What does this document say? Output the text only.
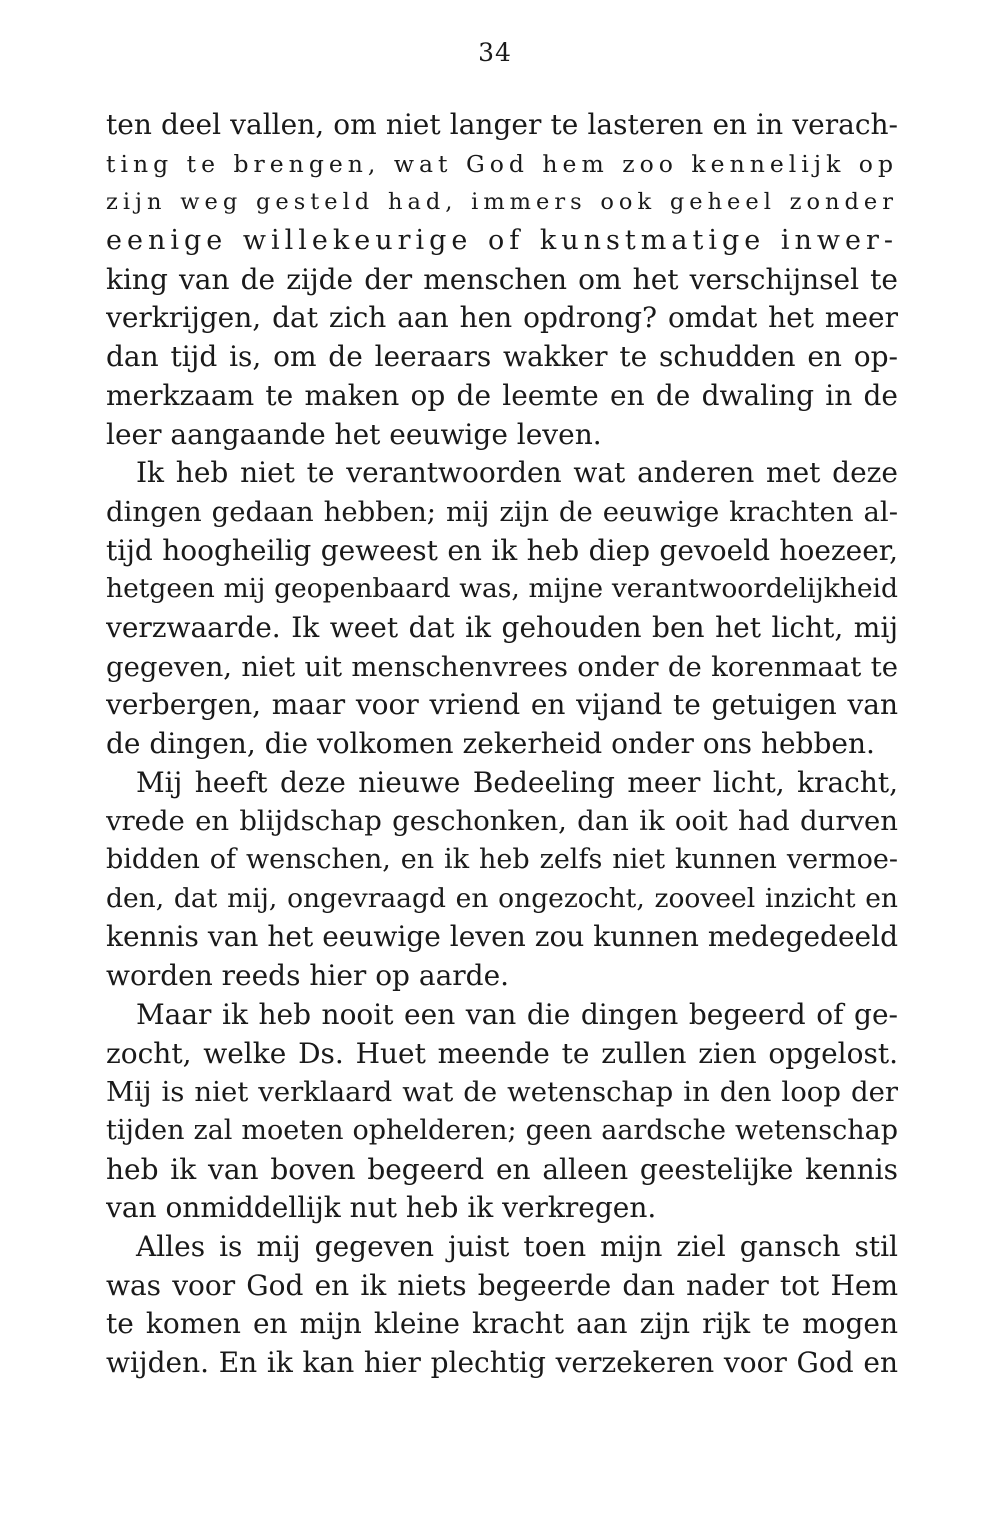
34
ten deel vallen, om niet langer te lasteren en in verach-
ting te brengen, wat God hem zoo kennelijk op
zijn weg gesteld had, immers ook geheel zonder
eenige willekeurige of kunstmatige inwer-
king van de zijde der menschen om het verschijnsel te
verkrijgen, dat zich aan hen opdrong? omdat het meer
dan tijd is, om de leeraars wakker te schudden en op-
merkzaam te maken op de leemte en de dwaling in de
leer aangaande het eeuwige leven.
Ik heb niet te verantwoorden wat anderen met deze
dingen gedaan hebben; mij zijn de eeuwige krachten al-
tijd hoogheilig geweest en ik heb diep gevoeld hoezeer,
hetgeen mij geopenbaard was, mijne verantwoordelijkheid
verzwaarde. Ik weet dat ik gehouden ben het licht, mij
gegeven, niet uit menschenvrees onder de korenmaat te
verbergen, maar voor vriend en vijand te getuigen van
de dingen, die volkomen zekerheid onder ons hebben.
Mij heeft deze nieuwe Bedeeling meer licht, kracht,
vrede en blijdschap geschonken, dan ik ooit had durven
bidden of wenschen, en ik heb zelfs niet kunnen vermoe-
den, dat mij, ongevraagd en ongezocht, zooveel inzicht en
kennis van het eeuwige leven zou kunnen medegedeeld
worden reeds hier op aarde.
Maar ik heb nooit een van die dingen begeerd of ge-
zocht, welke Ds. Huet meende te zullen zien opgelost.
Mij is niet verklaard wat de wetenschap in den loop der
tijden zal moeten ophelderen; geen aardsche wetenschap
heb ik van boven begeerd en alleen geestelijke kennis
van onmiddellijk nut heb ik verkregen.
Alles is mij gegeven juist toen mijn ziel gansch stil
was voor God en ik niets begeerde dan nader tot Hem
te komen en mijn kleine kracht aan zijn rijk te mogen
wijden. En ik kan hier plechtig verzekeren voor God en
